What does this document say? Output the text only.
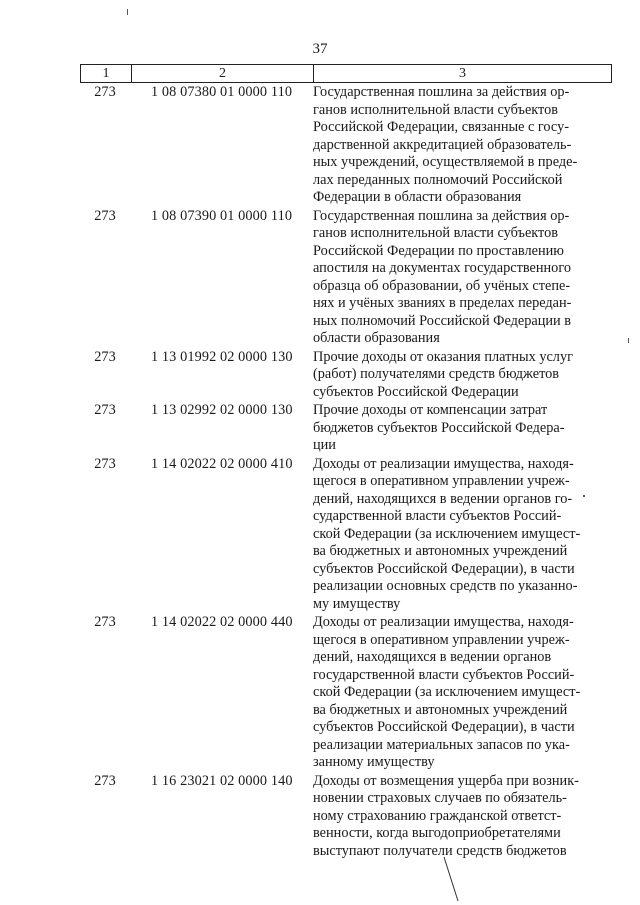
37
1	2	3
273	1 08 07380 01 0000 110	Государственная пошлина за действия ор-
ганов исполнительной власти субъектов
Российской Федерации, связанные с госу-
дарственной аккредитацией образователь-
ных учреждений, осуществляемой в преде-
лах переданных полномочий Российской
Федерации в области образования
273	1 08 07390 01 0000 110	Государственная пошлина за действия ор-
ганов исполнительной власти субъектов
Российской Федерации по проставлению
апостиля на документах государственного
образца об образовании, об учёных степе-
нях и учёных званиях в пределах передан-
ных полномочий Российской Федерации в
области образования
273	1 13 01992 02 0000 130	Прочие доходы от оказания платных услуг
(работ) получателями средств бюджетов
субъектов Российской Федерации
273	1 13 02992 02 0000 130	Прочие доходы от компенсации затрат
бюджетов субъектов Российской Федера-
ции
273	1 14 02022 02 0000 410	Доходы от реализации имущества, находя-
щегося в оперативном управлении учреж-
дений, находящихся в ведении органов го-
сударственной власти субъектов Россий-
ской Федерации (за исключением имущест-
ва бюджетных и автономных учреждений
субъектов Российской Федерации), в части
реализации основных средств по указанно-
му имуществу
273	1 14 02022 02 0000 440	Доходы от реализации имущества, находя-
щегося в оперативном управлении учреж-
дений, находящихся в ведении органов
государственной власти субъектов Россий-
ской Федерации (за исключением имущест-
ва бюджетных и автономных учреждений
субъектов Российской Федерации), в части
реализации материальных запасов по ука-
занному имуществу
273	1 16 23021 02 0000 140	Доходы от возмещения ущерба при возник-
новении страховых случаев по обязатель-
ному страхованию гражданской ответст-
венности, когда выгодоприобретателями
выступают получатели средств бюджетов
